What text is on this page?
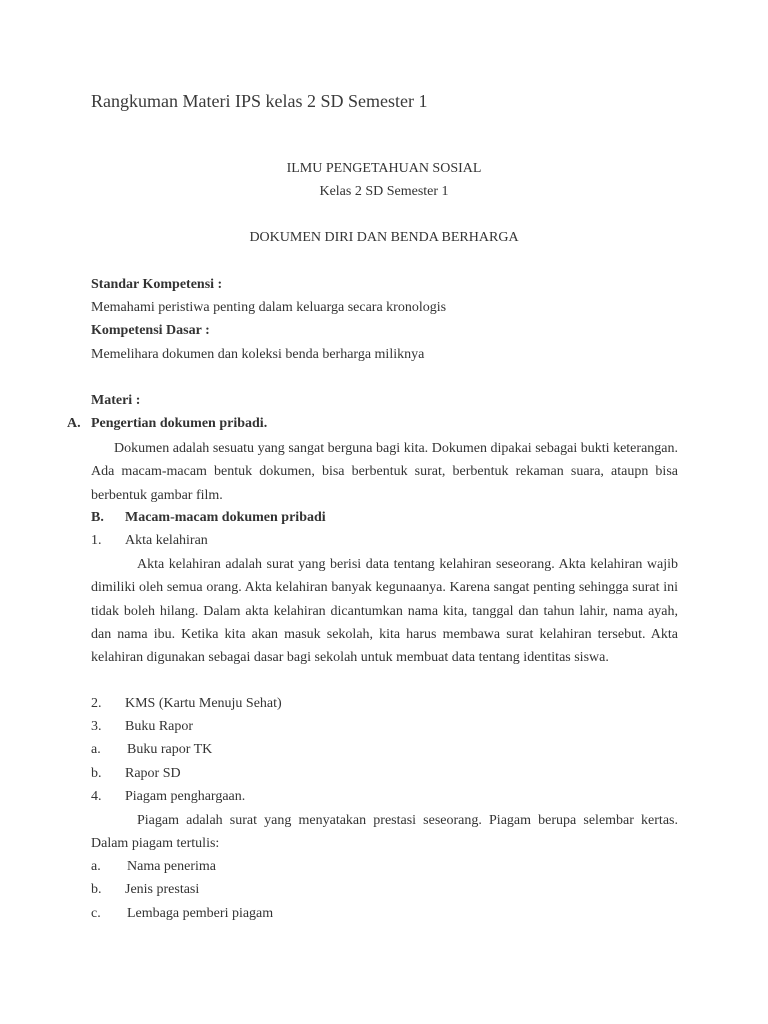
Rangkuman Materi IPS kelas 2 SD Semester 1
ILMU PENGETAHUAN SOSIAL
Kelas 2 SD Semester 1
DOKUMEN DIRI DAN BENDA BERHARGA
Standar Kompetensi :
Memahami peristiwa penting dalam keluarga secara kronologis
Kompetensi Dasar :
Memelihara dokumen dan koleksi benda berharga miliknya
Materi :
A. Pengertian dokumen pribadi.
Dokumen adalah sesuatu yang sangat berguna bagi kita. Dokumen dipakai sebagai bukti keterangan. Ada macam-macam bentuk dokumen, bisa berbentuk surat, berbentuk rekaman suara, ataupn bisa berbentuk gambar film.
B. Macam-macam dokumen pribadi
1. Akta kelahiran
Akta kelahiran adalah surat yang berisi data tentang kelahiran seseorang. Akta kelahiran wajib dimiliki oleh semua orang. Akta kelahiran banyak kegunaanya. Karena sangat penting sehingga surat ini tidak boleh hilang. Dalam akta kelahiran dicantumkan nama kita, tanggal dan tahun lahir, nama ayah, dan nama ibu. Ketika kita akan masuk sekolah, kita harus membawa surat kelahiran tersebut. Akta kelahiran digunakan sebagai dasar bagi sekolah untuk membuat data tentang identitas siswa.
2. KMS (Kartu Menuju Sehat)
3. Buku Rapor
a. Buku rapor TK
b. Rapor SD
4. Piagam penghargaan.
Piagam adalah surat yang menyatakan prestasi seseorang. Piagam berupa selembar kertas. Dalam piagam tertulis:
a. Nama penerima
b. Jenis prestasi
c. Lembaga pemberi piagam
